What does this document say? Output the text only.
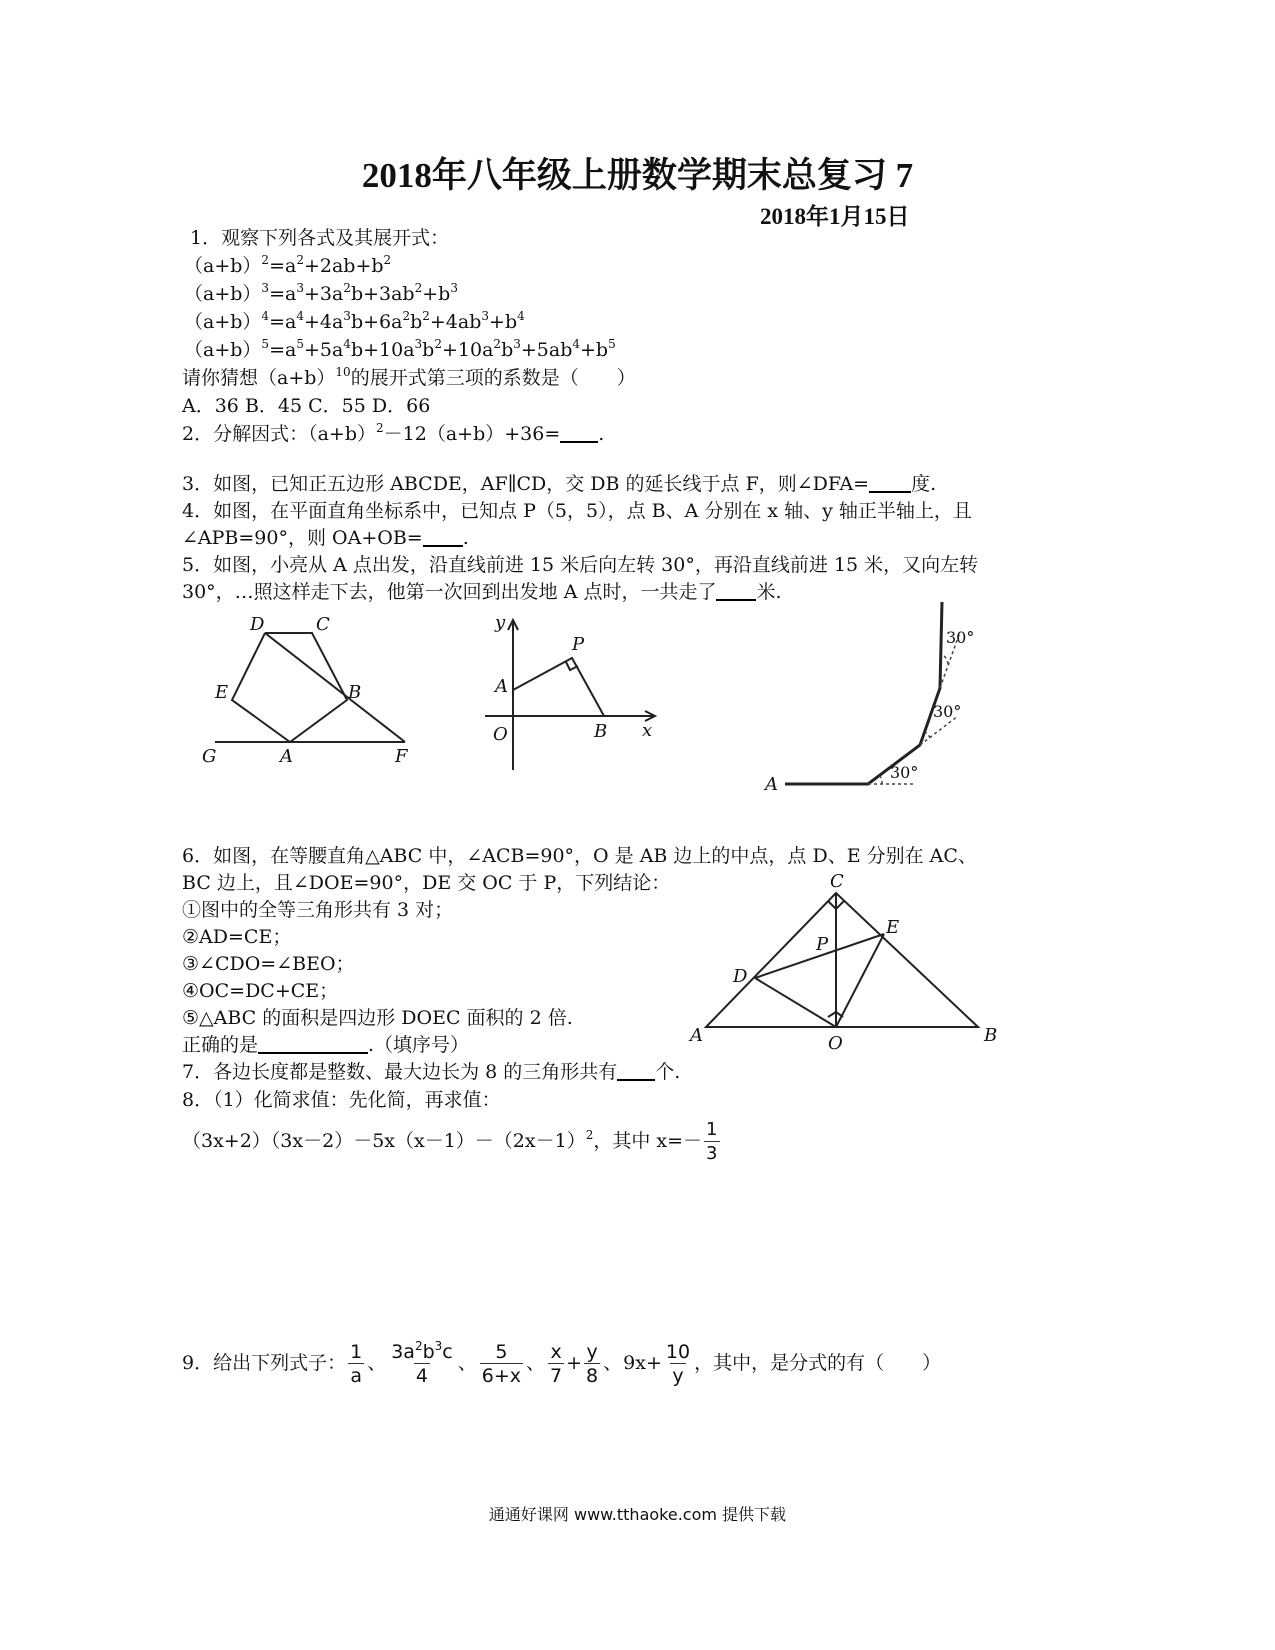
2018年八年级上册数学期末总复习 7
2018年1月15日
1．观察下列各式及其展开式：
$(a+b)^2=a^2+2ab+b^2$
$(a+b)^3=a^3+3a^2b+3ab^2+b^3$
$(a+b)^4=a^4+4a^3b+6a^2b^2+4ab^3+b^4$
$(a+b)^5=a^5+5a^4b+10a^3b^2+10a^2b^3+5ab^4+b^5$
请你猜想$(a+b)^{10}$的展开式第三项的系数是（　　）
A．36 B．45 C．55 D．66
2．分解因式：$(a+b)^2-12(a+b)+36=$ .
3．如图，已知正五边形 ABCDE，AF∥CD，交 DB 的延长线于点 F，则∠DFA= 度.
4．如图，在平面直角坐标系中，已知点 P（5，5），点 B、A 分别在 x 轴、y 轴正半轴上，且
∠APB=90°，则 OA+OB= .
5．如图，小亮从 A 点出发，沿直线前进 15 米后向左转 30°，再沿直线前进 15 米，又向左转
30°，…照这样走下去，他第一次回到出发地 A 点时，一共走了 米.
D	C
E	B
G	A	F
y
P
A
O	B x
30°
30°
30°
A
C
E
P
D
A	O	B
6．如图，在等腰直角△ABC 中，∠ACB=90°，O 是 AB 边上的中点，点 D、E 分别在 AC、
BC 边上，且∠DOE=90°，DE 交 OC 于 P，下列结论：
①图中的全等三角形共有 3 对；
②AD=CE；
③∠CDO=∠BEO；
④OC=DC+CE；
⑤△ABC 的面积是四边形 DOEC 面积的 2 倍.
正确的是	.（填序号）
7．各边长度都是整数、最大边长为 8 的三角形共有 个.
8．（1）化简求值：先化简，再求值：
$(3x+2)(3x-2)-5x(x-1)-(2x-1)^2$，其中 $x=- \frac{1}{3}$
9．给出下列式子： $\frac{1}{a}$ 、 $\frac{3a^2b^3c}{4}$ 、 $\frac{5}{6+x}$ 、 $\frac{x}{7} + \frac{y}{8}$ 、$9x+ \frac{10}{y}$ ，其中，是分式的有（　　）
通通好课网 www.tthaoke.com 提供下载
